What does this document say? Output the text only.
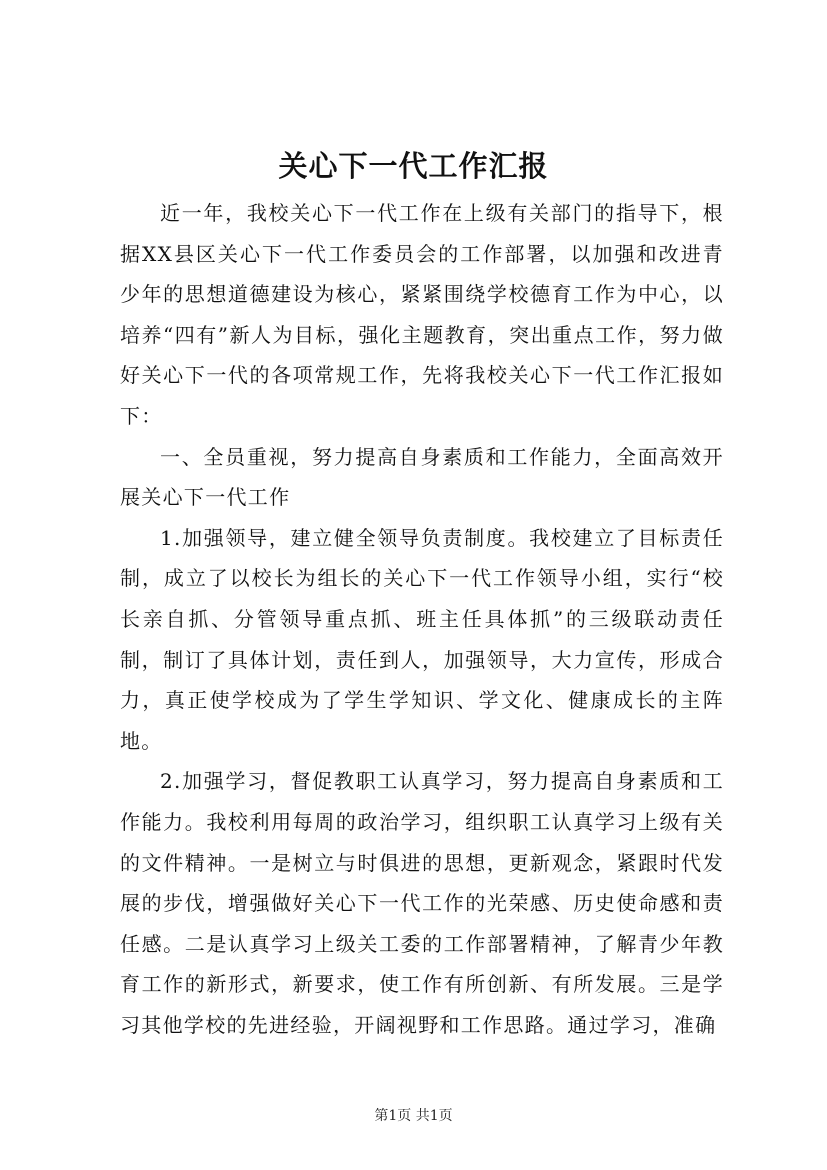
关心下一代工作汇报

近一年，我校关心下一代工作在上级有关部门的指导下，根据XX县区关心下一代工作委员会的工作部署，以加强和改进青少年的思想道德建设为核心，紧紧围绕学校德育工作为中心，以培养“四有”新人为目标，强化主题教育，突出重点工作，努力做好关心下一代的各项常规工作，先将我校关心下一代工作汇报如下：

一、全员重视，努力提高自身素质和工作能力，全面高效开展关心下一代工作

1.加强领导，建立健全领导负责制度。我校建立了目标责任制，成立了以校长为组长的关心下一代工作领导小组，实行“校长亲自抓、分管领导重点抓、班主任具体抓”的三级联动责任制，制订了具体计划，责任到人，加强领导，大力宣传，形成合力，真正使学校成为了学生学知识、学文化、健康成长的主阵地。

2.加强学习，督促教职工认真学习，努力提高自身素质和工作能力。我校利用每周的政治学习，组织职工认真学习上级有关的文件精神。一是树立与时俱进的思想，更新观念，紧跟时代发展的步伐，增强做好关心下一代工作的光荣感、历史使命感和责任感。二是认真学习上级关工委的工作部署精神，了解青少年教育工作的新形式，新要求，使工作有所创新、有所发展。三是学习其他学校的先进经验，开阔视野和工作思路。通过学习，准确

第1页 共1页
